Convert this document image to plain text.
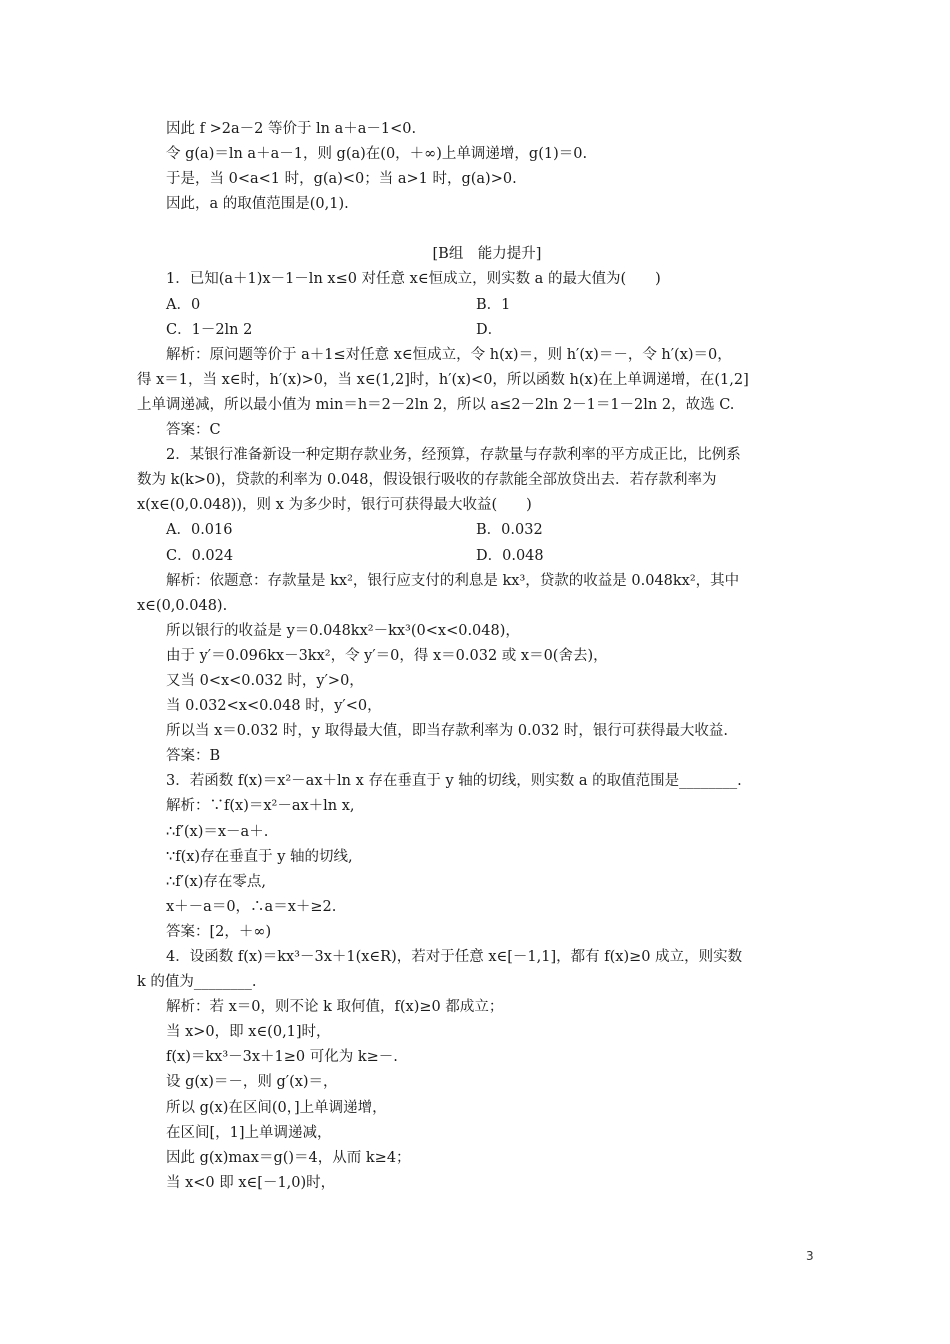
因此 f >2a－2 等价于 ln a＋a－1<0.
令 g(a)＝ln a＋a－1，则 g(a)在(0，＋∞)上单调递增，g(1)＝0.
于是，当 0<a<1 时，g(a)<0；当 a>1 时，g(a)>0.
因此，a 的取值范围是(0,1).
[B组　能力提升]
1．已知(a＋1)x－1－ln x≤0 对任意 x∈恒成立，则实数 a 的最大值为(　　)
A．0	B．1
C．1－2ln 2	D．
解析：原问题等价于 a＋1≤对任意 x∈恒成立，令 h(x)＝，则 h′(x)＝－，令 h′(x)＝0，
得 x＝1，当 x∈时，h′(x)>0，当 x∈(1,2]时，h′(x)<0，所以函数 h(x)在上单调递增，在(1,2]
上单调递减，所以最小值为 min＝h＝2－2ln 2，所以 a≤2－2ln 2－1＝1－2ln 2，故选 C.
答案：C
2．某银行准备新设一种定期存款业务，经预算，存款量与存款利率的平方成正比，比例系
数为 k(k>0)，贷款的利率为 0.048，假设银行吸收的存款能全部放贷出去．若存款利率为
x(x∈(0,0.048))，则 x 为多少时，银行可获得最大收益(　　)
A．0.016	B．0.032
C．0.024	D．0.048
解析：依题意：存款量是 kx²，银行应支付的利息是 kx³，贷款的收益是 0.048kx²，其中
x∈(0,0.048).
所以银行的收益是 y＝0.048kx²－kx³(0<x<0.048)，
由于 y′＝0.096kx－3kx²，令 y′＝0，得 x＝0.032 或 x＝0(舍去)，
又当 0<x<0.032 时，y′>0，
当 0.032<x<0.048 时，y′<0，
所以当 x＝0.032 时，y 取得最大值，即当存款利率为 0.032 时，银行可获得最大收益.
答案：B
3．若函数 f(x)＝x²－ax＋ln x 存在垂直于 y 轴的切线，则实数 a 的取值范围是________.
解析：∵f(x)＝x²－ax＋ln x,
∴f′(x)＝x－a＋.
∵f(x)存在垂直于 y 轴的切线,
∴f′(x)存在零点,
x＋－a＝0，∴a＝x＋≥2.
答案：[2，＋∞)
4．设函数 f(x)＝kx³－3x＋1(x∈R)，若对于任意 x∈[－1,1]，都有 f(x)≥0 成立，则实数
k 的值为________.
解析：若 x＝0，则不论 k 取何值，f(x)≥0 都成立；
当 x>0，即 x∈(0,1]时，
f(x)＝kx³－3x＋1≥0 可化为 k≥－.
设 g(x)＝－，则 g′(x)＝，
所以 g(x)在区间(0，]上单调递增，
在区间[，1]上单调递减，
因此 g(x)max＝g()＝4，从而 k≥4；
当 x<0 即 x∈[－1,0)时，
3
